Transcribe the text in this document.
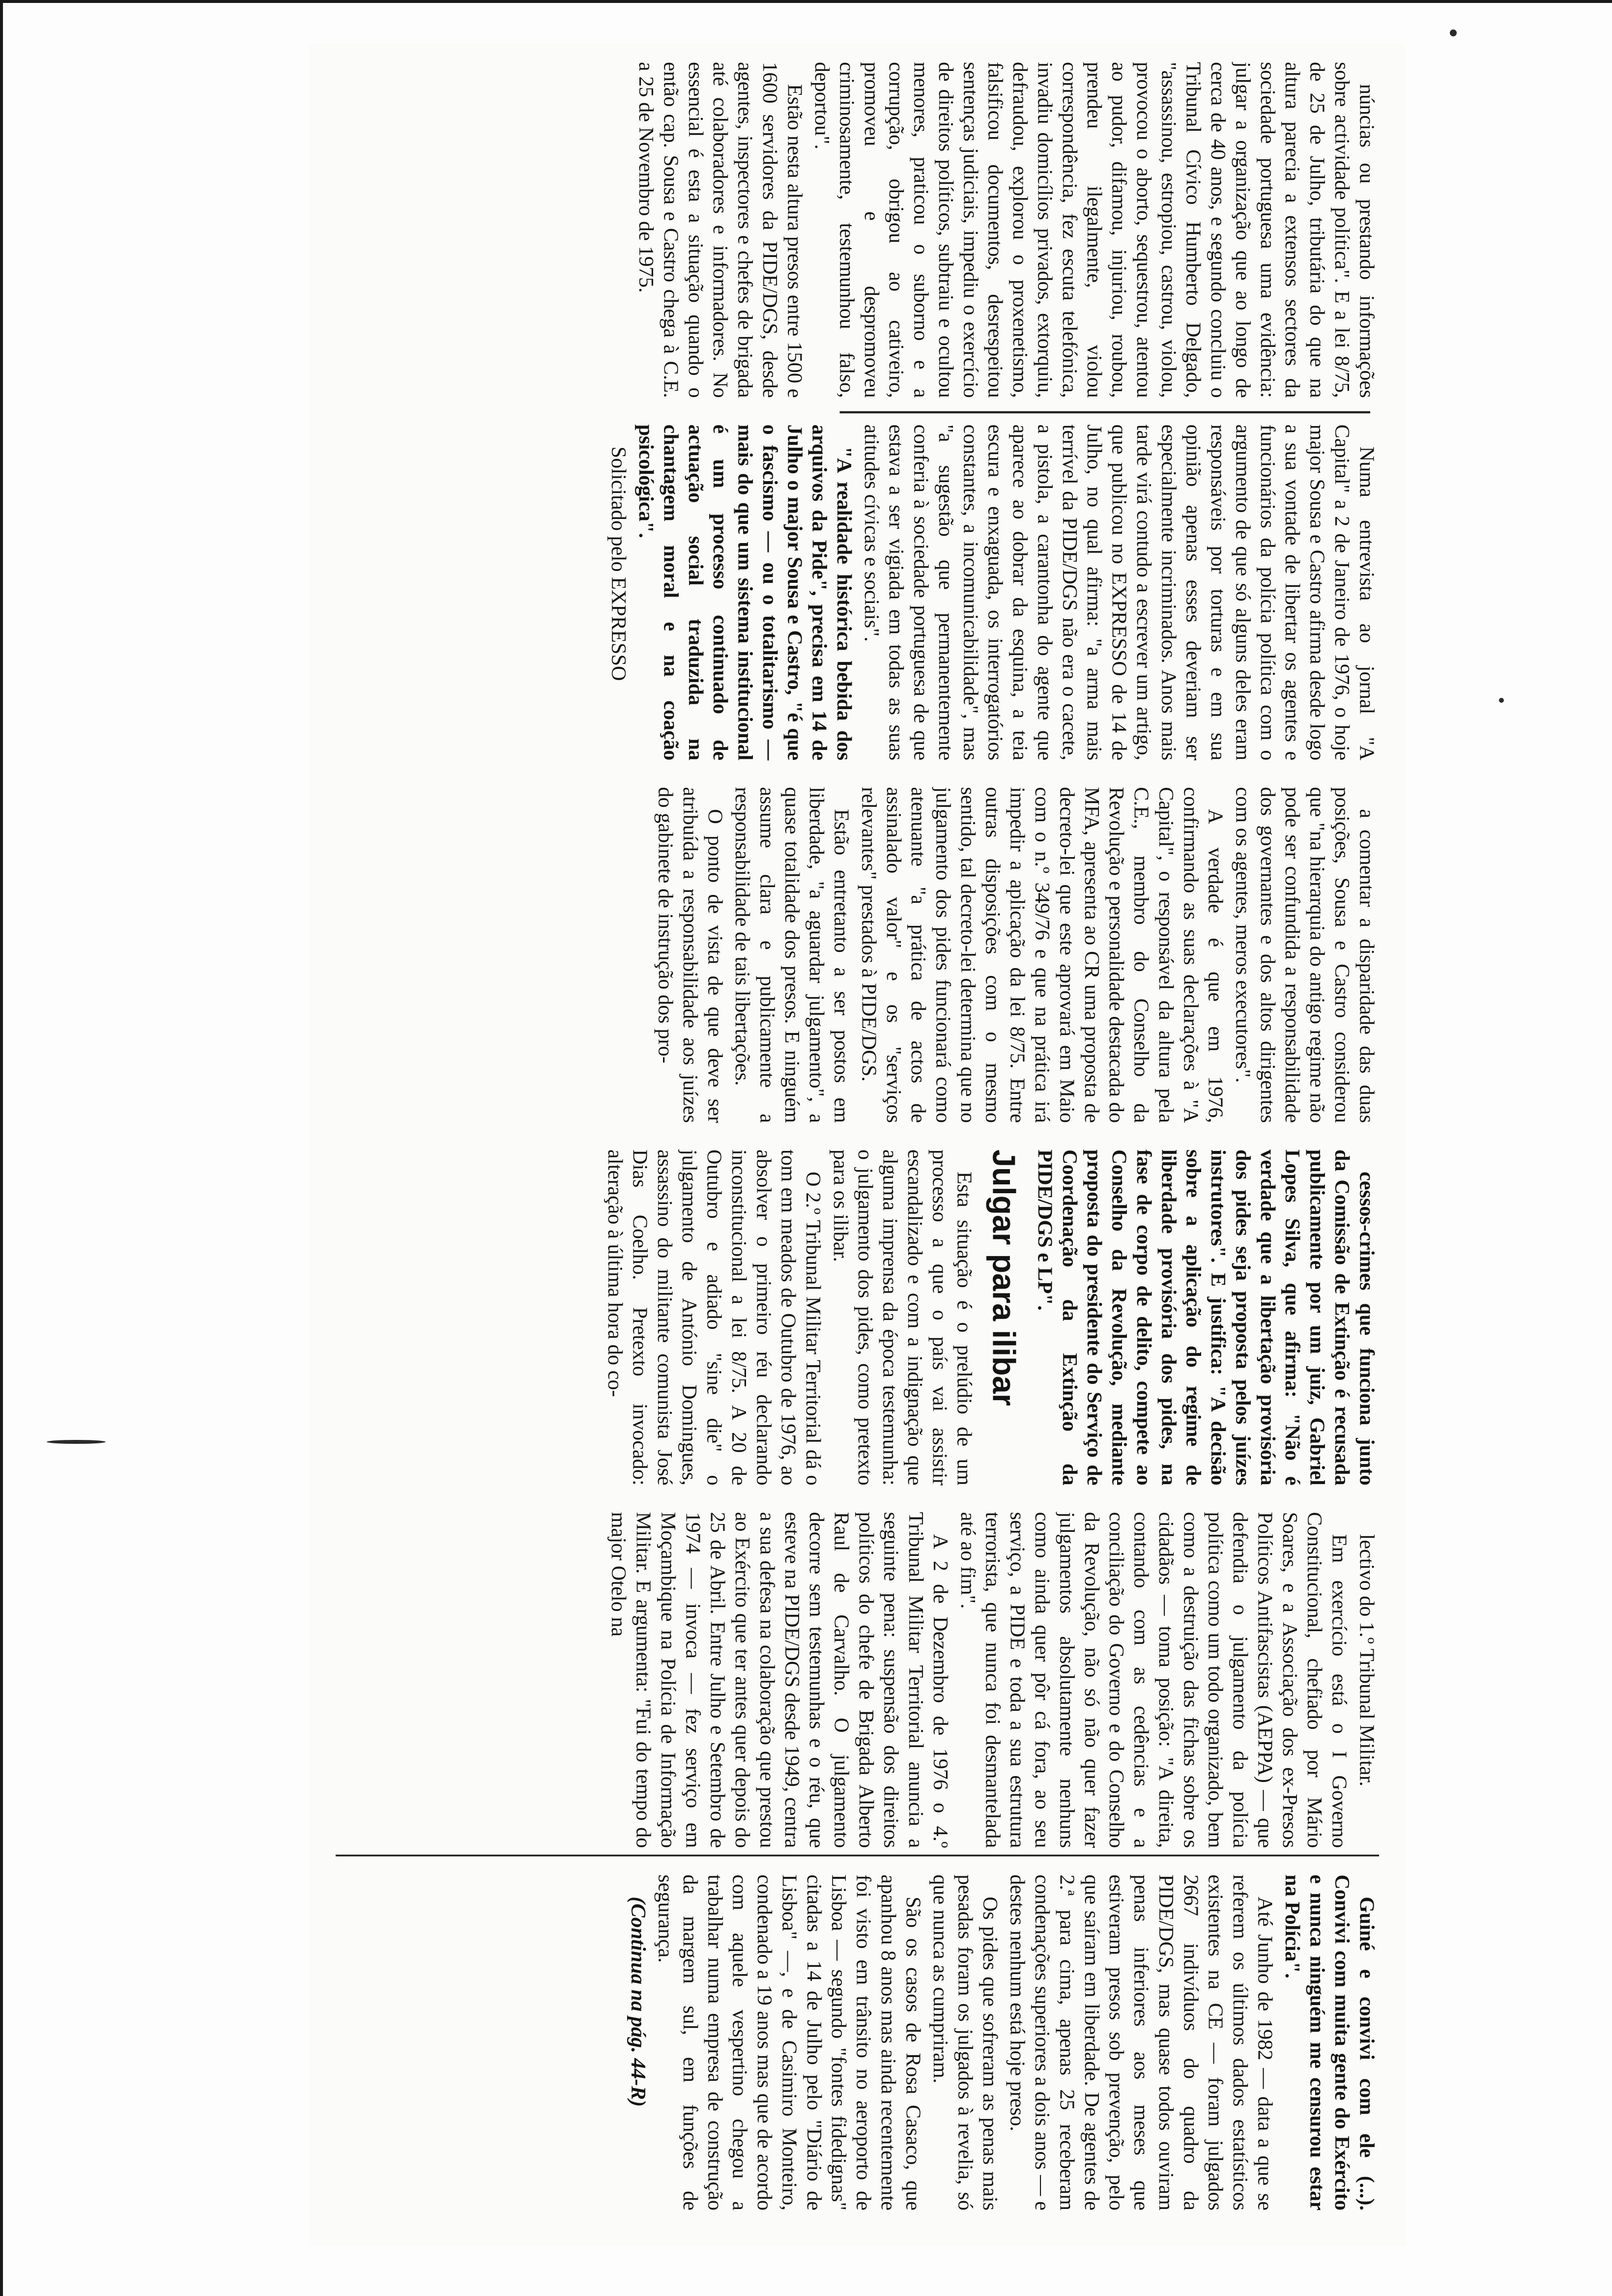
núncias ou prestando informações sobre actividade política". E a lei 8/75, de 25 de Julho, tributária do que na altura parecia a extensos sectores da sociedade portuguesa uma evidência: julgar a organização que ao longo de cerca de 40 anos, e segundo concluiu o Tribunal Cívico Humberto Delgado, "assassinou, estropiou, castrou, violou, provocou o aborto, sequestrou, atentou ao pudor, difamou, injuriou, roubou, prendeu ilegalmente, violou correspondência, fez escuta telefónica, invadiu domicílios privados, extorquiu, defraudou, explorou o proxenetismo, falsificou documentos, desrespeitou sentenças judiciais, impediu o exercício de direitos políticos, subtraiu e ocultou menores, praticou o suborno e a corrupção, obrigou ao cativeiro, promoveu e despromoveu criminosamente, testemunhou falso, deportou".

Estão nesta altura presos entre 1500 e 1600 servidores da PIDE/DGS, desde agentes, inspectores e chefes de brigada até colaboradores e informadores. No essencial é esta a situação quando o então cap. Sousa e Castro chega à C.E. a 25 de Novembro de 1975.

Numa entrevista ao jornal "A Capital" a 2 de Janeiro de 1976, o hoje major Sousa e Castro afirma desde logo a sua vontade de libertar os agentes e funcionários da polícia política com o argumento de que só alguns deles eram responsáveis por torturas e em sua opinião apenas esses deveriam ser especialmente incriminados. Anos mais tarde virá contudo a escrever um artigo, que publicou no EXPRESSO de 14 de Julho, no qual afirma: "a arma mais terrível da PIDE/DGS não era o cacete, a pistola, a carantonha do agente que aparece ao dobrar da esquina, a teia escura e enxaguada, os interrogatórios constantes, a incomunicabilidade", mas "a sugestão que permanentemente conferia à sociedade portuguesa de que estava a ser vigiada em todas as suas atitudes cívicas e sociais".

"A realidade histórica bebida dos arquivos da Pide", precisa em 14 de Julho o major Sousa e Castro, "é que o fascismo — ou o totalitarismo — mais do que um sistema institucional é um processo continuado de actuação social traduzida na chantagem moral e na coação psicológica".

Solicitado pelo EXPRESSO

a comentar a disparidade das duas posições, Sousa e Castro considerou que "na hierarquia do antigo regime não pode ser confundida a responsabilidade dos governantes e dos altos dirigentes com os agentes, meros executores".

A verdade é que em 1976, confirmando as suas declarações à "A Capital", o responsável da altura pela C.E., membro do Conselho da Revolução e personalidade destacada do MFA, apresenta ao CR uma proposta de decreto-lei que este aprovará em Maio com o n.º 349/76 e que na prática irá impedir a aplicação da lei 8/75. Entre outras disposições com o mesmo sentido, tal decreto-lei determina que no julgamento dos pides funcionará como atenuante "a prática de actos de assinalado valor" e os "serviços relevantes" prestados à PIDE/DGS.

Estão entretanto a ser postos em liberdade, "a aguardar julgamento", a quase totalidade dos presos. E ninguém assume clara e publicamente a responsabilidade de tais libertações.

O ponto de vista de que deve ser atribuída a responsabilidade aos juízes do gabinete de instrução dos pro-

cessos-crimes que funciona junto da Comissão de Extinção é recusada publicamente por um juiz, Gabriel Lopes Silva, que afirma: "Não é verdade que a libertação provisória dos pides seja proposta pelos juízes instrutores". E justifica: "A decisão sobre a aplicação do regime de liberdade provisória dos pides, na fase de corpo de delito, compete ao Conselho da Revolução, mediante proposta do presidente do Serviço de Coordenação da Extinção da PIDE/DGS e LP".

Julgar para ilibar

Esta situação é o prelúdio de um processo a que o país vai assistir escandalizado e com a indignação que alguma imprensa da época testemunha: o julgamento dos pides, como pretexto para os ilibar.

O 2.º Tribunal Militar Territorial dá o tom em meados de Outubro de 1976, ao absolver o primeiro réu declarando inconstitucional a lei 8/75. A 20 de Outubro e adiado "sine die" o julgamento de António Domingues, assassino do militante comunista José Dias Coelho. Pretexto invocado: alteração à última hora do co-

lectivo do 1.º Tribunal Militar.

Em exercício está o I Governo Constitucional, chefiado por Mário Soares, e a Associação dos ex-Presos Políticos Antifascistas (AEPPA) — que defendia o julgamento da polícia política como um todo organizado, bem como a destruição das fichas sobre os cidadãos — toma posição: "A direita, contando com as cedências e a conciliação do Governo e do Conselho da Revolução, não só não quer fazer julgamentos absolutamente nenhuns como ainda quer pôr cá fora, ao seu serviço, a PIDE e toda a sua estrutura terrorista, que nunca foi desmantelada até ao fim".

A 2 de Dezembro de 1976 o 4.º Tribunal Militar Territorial anuncia a seguinte pena: suspensão dos direitos políticos do chefe de Brigada Alberto Raul de Carvalho. O julgamento decorre sem testemunhas e o réu, que esteve na PIDE/DGS desde 1949, centra a sua defesa na colaboração que prestou ao Exército que ter antes quer depois do 25 de Abril. Entre Julho e Setembro de 1974 — invoca — fez serviço em Moçambique na Polícia de Informação Militar. E argumenta: "Fui do tempo do major Otelo na

Guiné e convivi com ele (...). Convivi com muita gente do Exército e nunca ninguém me censurou estar na Polícia".

Até Junho de 1982 — data a que se referem os últimos dados estatísticos existentes na CE — foram julgados 2667 indivíduos do quadro da PIDE/DGS, mas quase todos ouviram penas inferiores aos meses que estiveram presos sob prevenção, pelo que saíram em liberdade. De agentes de 2.ª para cima, apenas 25 receberam condenações superiores a dois anos — e destes nenhum está hoje preso.

Os pides que sofreram as penas mais pesadas foram os julgados à revelia, só que nunca as cumpriram.

São os casos de Rosa Casaco, que apanhou 8 anos mas ainda recentemente foi visto em trânsito no aeroporto de Lisboa — segundo "fontes fidedignas" citadas a 14 de Julho pelo "Diário de Lisboa" —, e de Casimiro Monteiro, condenado a 19 anos mas que de acordo com aquele vespertino chegou a trabalhar numa empresa de construção da margem sul, em funções de segurança.

(Continua na pág. 44-R)
